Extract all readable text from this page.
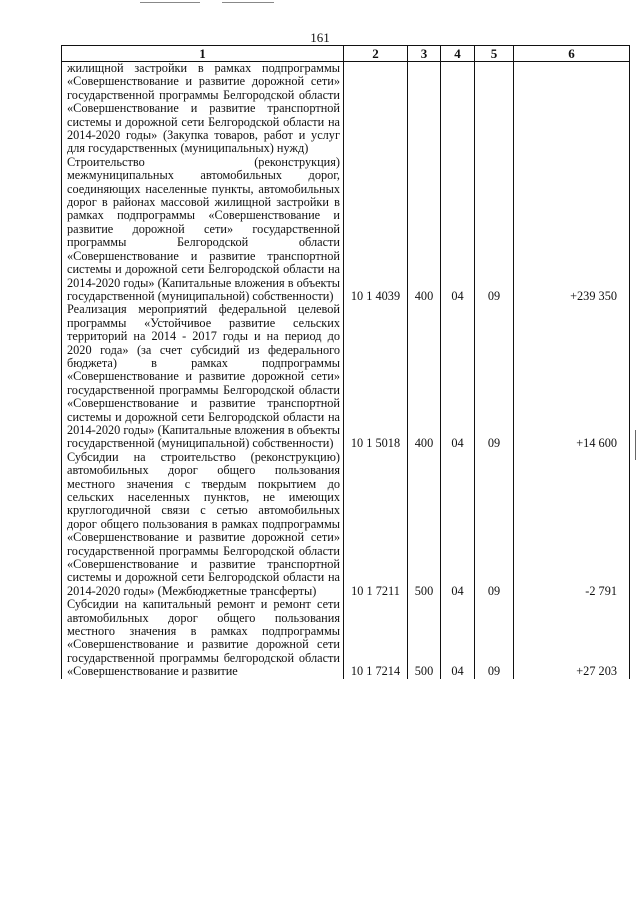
161
1	2	3	4	5	6
жилищной застройки в рамках подпрограммы «Совершенствование и развитие дорожной сети» государственной программы Белгородской области «Совершенствование и развитие транспортной системы и дорожной сети Белгородской области на 2014-2020 годы» (Закупка товаров, работ и услуг для государственных (муниципальных) нужд)					
Строительство (реконструкция) межмуниципальных автомобильных дорог, соединяющих населенные пункты, автомобильных дорог в районах массовой жилищной застройки в рамках подпрограммы «Совершенствование и развитие дорожной сети» государственной программы Белгородской области «Совершенствование и развитие транспортной системы и дорожной сети Белгородской области на 2014-2020 годы» (Капитальные вложения в объекты государственной (муниципальной) собственности)	10 1 4039	400	04	09	+239 350
Реализация мероприятий федеральной целевой программы «Устойчивое развитие сельских территорий на 2014 - 2017 годы и на период до 2020 года» (за счет субсидий из федерального бюджета) в рамках подпрограммы «Совершенствование и развитие дорожной сети» государственной программы Белгородской области «Совершенствование и развитие транспортной системы и дорожной сети Белгородской области на 2014-2020 годы» (Капитальные вложения в объекты государственной (муниципальной) собственности)	10 1 5018	400	04	09	+14 600
Субсидии на строительство (реконструкцию) автомобильных дорог общего пользования местного значения с твердым покрытием до сельских населенных пунктов, не имеющих круглогодичной связи с сетью автомобильных дорог общего пользования в рамках подпрограммы «Совершенствование и развитие дорожной сети» государственной программы Белгородской области «Совершенствование и развитие транспортной системы и дорожной сети Белгородской области на 2014-2020 годы» (Межбюджетные трансферты)	10 1 7211	500	04	09	-2 791
Субсидии на капитальный ремонт и ремонт сети автомобильных дорог общего пользования местного значения в рамках подпрограммы «Совершенствование и развитие дорожной сети государственной программы белгородской области «Совершенствование и развитие	10 1 7214	500	04	09	+27 203
